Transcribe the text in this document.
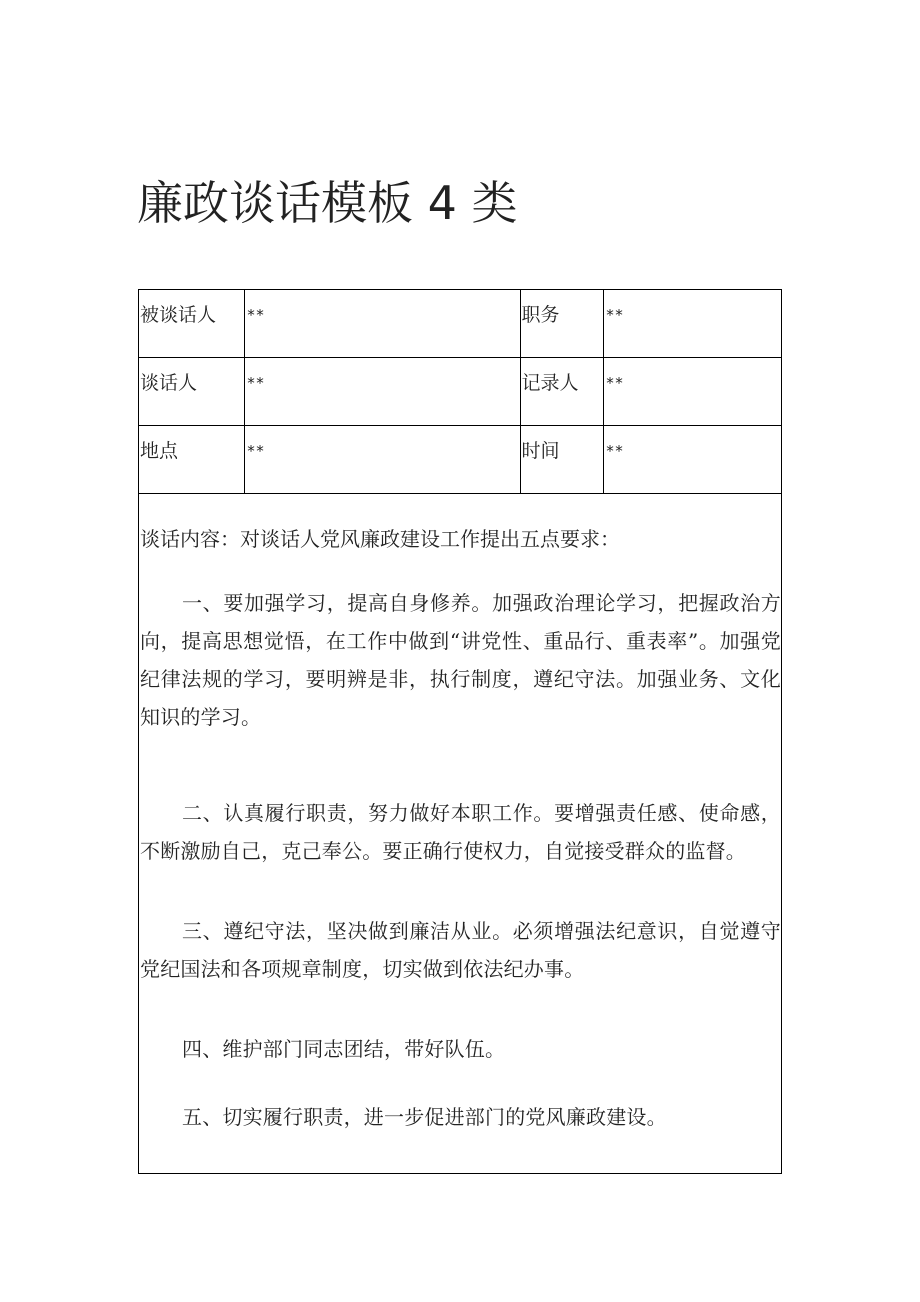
廉政谈话模板 4 类
被谈话人	**	职务	**

谈话人	**	记录人	**

地点	**	时间	**

谈话内容：对谈话人党风廉政建设工作提出五点要求：

一、要加强学习，提高自身修养。加强政治理论学习，把握政治方向，提高思想觉悟，在工作中做到“讲党性、重品行、重表率”。加强党纪律法规的学习，要明辨是非，执行制度，遵纪守法。加强业务、文化知识的学习。

二、认真履行职责，努力做好本职工作。要增强责任感、使命感，不断激励自己，克己奉公。要正确行使权力，自觉接受群众的监督。

三、遵纪守法，坚决做到廉洁从业。必须增强法纪意识，自觉遵守党纪国法和各项规章制度，切实做到依法纪办事。

四、维护部门同志团结，带好队伍。

五、切实履行职责，进一步促进部门的党风廉政建设。
